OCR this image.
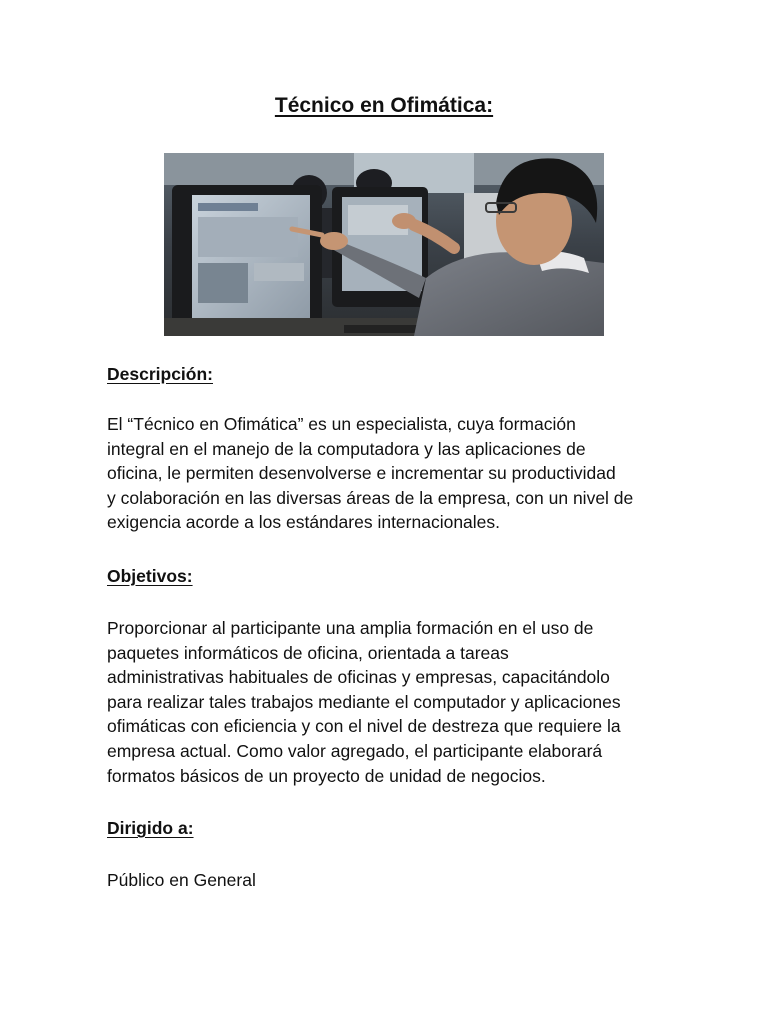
Técnico en Ofimática:

Descripción:

El “Técnico en Ofimática” es un especialista, cuya formación
integral en el manejo de la computadora y las aplicaciones de
oficina, le permiten desenvolverse e incrementar su productividad
y colaboración en las diversas áreas de la empresa, con un nivel de
exigencia acorde a los estándares internacionales.

Objetivos:

Proporcionar al participante una amplia formación en el uso de
paquetes informáticos de oficina, orientada a tareas
administrativas habituales de oficinas y empresas, capacitándolo
para realizar tales trabajos mediante el computador y aplicaciones
ofimáticas con eficiencia y con el nivel de destreza que requiere la
empresa actual. Como valor agregado, el participante elaborará
formatos básicos de un proyecto de unidad de negocios.

Dirigido a:

Público en General
